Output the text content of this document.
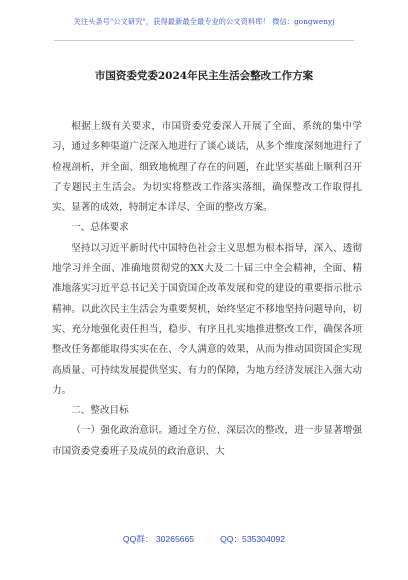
关注头条号"公文研究"，获得最新最全最专业的公文资料库！ 微信：gongwenyj
市国资委党委2024年民主生活会整改工作方案

根据上级有关要求，市国资委党委深入开展了全面、系统的集中学习，通过多种渠道广泛深入地进行了谈心谈话，从多个维度深刻地进行了检视剖析，并全面、细致地梳理了存在的问题，在此坚实基础上顺利召开了专题民主生活会。为切实将整改工作落实落细，确保整改工作取得扎实、显著的成效，特制定本详尽、全面的整改方案。

一、总体要求

坚持以习近平新时代中国特色社会主义思想为根本指导，深入、透彻地学习并全面、准确地贯彻党的XX大及二十届三中全会精神，全面、精准地落实习近平总书记关于国资国企改革发展和党的建设的重要指示批示精神。以此次民主生活会为重要契机，始终坚定不移地坚持问题导向，切实、充分地强化责任担当，稳步、有序且扎实地推进整改工作，确保各项整改任务都能取得实实在在、令人满意的效果，从而为推动国资国企实现高质量、可持续发展提供坚实、有力的保障，为地方经济发展注入强大动力。

二、整改目标

（一）强化政治意识。通过全方位、深层次的整改，进一步显著增强市国资委党委班子及成员的政治意识、大

QQ群： 30265665	QQ：535304092
